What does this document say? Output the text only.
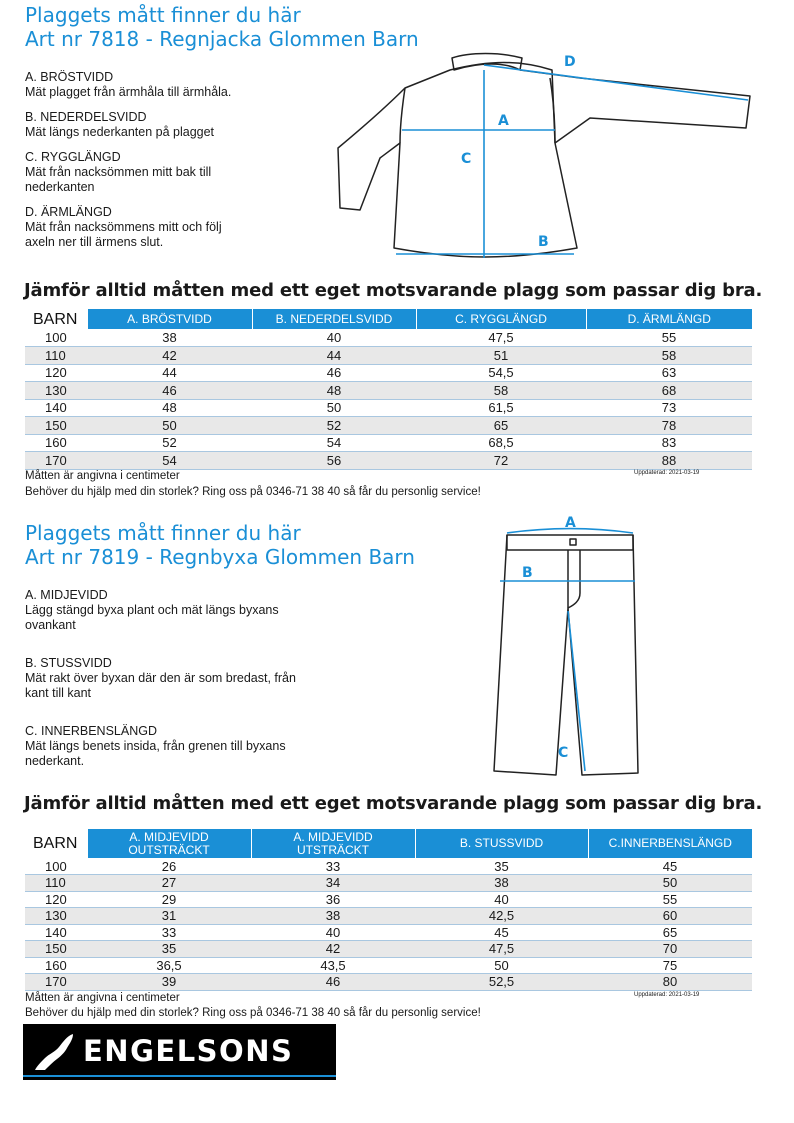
Plaggets mått finner du här
Art nr 7818 - Regnjacka Glommen Barn
A. BRÖSTVIDD
Mät plagget från ärmhåla till ärmhåla.
B. NEDERDELSVIDD
Mät längs nederkanten på plagget
C. RYGGLÄNGD
Mät från nacksömmen mitt bak till nederkanten
D. ÄRMLÄNGD
Mät från nacksömmens mitt och följ axeln ner till ärmens slut.
A
B
C
D
Jämför alltid måtten med ett eget motsvarande plagg som passar dig bra.
BARN	A. BRÖSTVIDD	B. NEDERDELSVIDD	C. RYGGLÄNGD	D. ÄRMLÄNGD
100	38	40	47,5	55
110	42	44	51	58
120	44	46	54,5	63
130	46	48	58	68
140	48	50	61,5	73
150	50	52	65	78
160	52	54	68,5	83
170	54	56	72	88
Måtten är angivna i centimeter	Uppdaterad: 2021-03-19
Behöver du hjälp med din storlek? Ring oss på 0346-71 38 40 så får du personlig service!
Plaggets mått finner du här
Art nr 7819 - Regnbyxa Glommen Barn
A. MIDJEVIDD
Lägg stängd byxa plant och mät längs byxans ovankant
B. STUSSVIDD
Mät rakt över byxan där den är som bredast, från kant till kant
C. INNERBENSLÄNGD
Mät längs benets insida, från grenen till byxans nederkant.
A
B
C
Jämför alltid måtten med ett eget motsvarande plagg som passar dig bra.
BARN	A. MIDJEVIDD OUTSTRÄCKT	A. MIDJEVIDD UTSTRÄCKT	B. STUSSVIDD	C.INNERBENSLÄNGD
100	26	33	35	45
110	27	34	38	50
120	29	36	40	55
130	31	38	42,5	60
140	33	40	45	65
150	35	42	47,5	70
160	36,5	43,5	50	75
170	39	46	52,5	80
Måtten är angivna i centimeter	Uppdaterad: 2021-03-19
Behöver du hjälp med din storlek? Ring oss på 0346-71 38 40 så får du personlig service!
ENGELSONS
